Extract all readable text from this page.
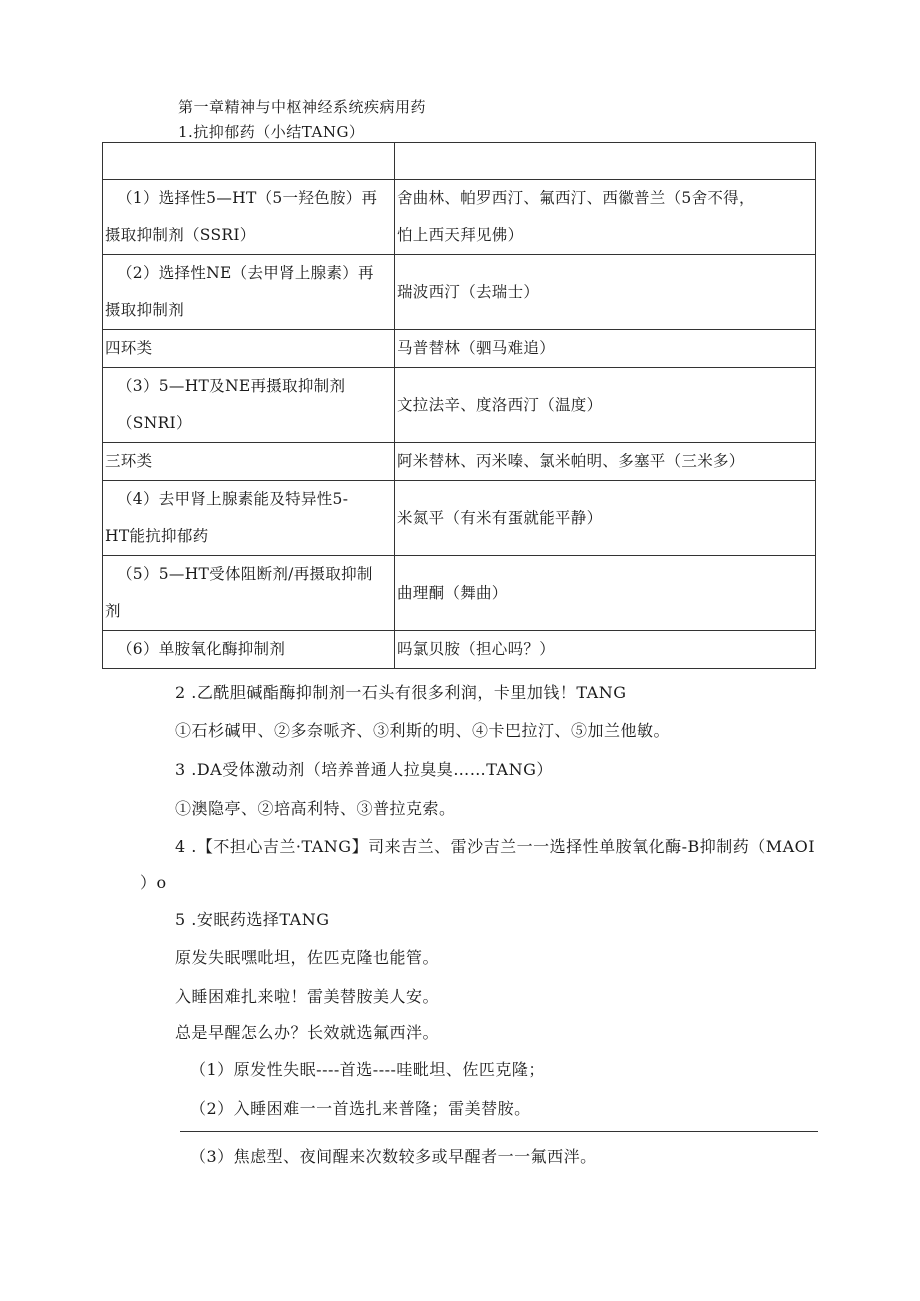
第一章精神与中枢神经系统疾病用药
1.抗抑郁药（小结TANG）

（1）选择性5—HT（5一羟色胺）再
摄取抑制剂（SSRI）	舍曲林、帕罗西汀、氟西汀、西徽普兰（5舍不得，
怕上西天拜见佛）

（2）选择性NE（去甲肾上腺素）再
摄取抑制剂	瑞波西汀（去瑞士）
四环类	马普替林（驷马难追）

（3）5—HT及NE再摄取抑制剂
（SNRI）	文拉法辛、度洛西汀（温度）
三环类	阿米替林、丙米嗪、氯米帕明、多塞平（三米多）

（4）去甲肾上腺素能及特异性5-
HT能抗抑郁药	米氮平（有米有蛋就能平静）

（5）5—HT受体阻断剂/再摄取抑制
剂	曲理酮（舞曲）
（6）单胺氧化酶抑制剂	吗氯贝胺（担心吗？）
2 .乙酰胆碱酯酶抑制剂一石头有很多利润，卡里加钱！TANG
①石杉碱甲、②多奈哌齐、③利斯的明、④卡巴拉汀、⑤加兰他敏。
3 .DA受体激动剂（培养普通人拉臭臭……TANG）
①澳隐亭、②培高利特、③普拉克索。
4 .【不担心吉兰·TANG】司来吉兰、雷沙吉兰一一选择性单胺氧化酶-B抑制药（MAOI
）o
5 .安眠药选择TANG
原发失眠嘿吡坦，佐匹克隆也能管。
入睡困难扎来啦！雷美替胺美人安。
总是早醒怎么办？长效就选氟西泮。
（1）原发性失眠----首选----哇毗坦、佐匹克隆；
（2）入睡困难一一首选扎来普隆；雷美替胺。
（3）焦虑型、夜间醒来次数较多或早醒者一一氟西泮。
